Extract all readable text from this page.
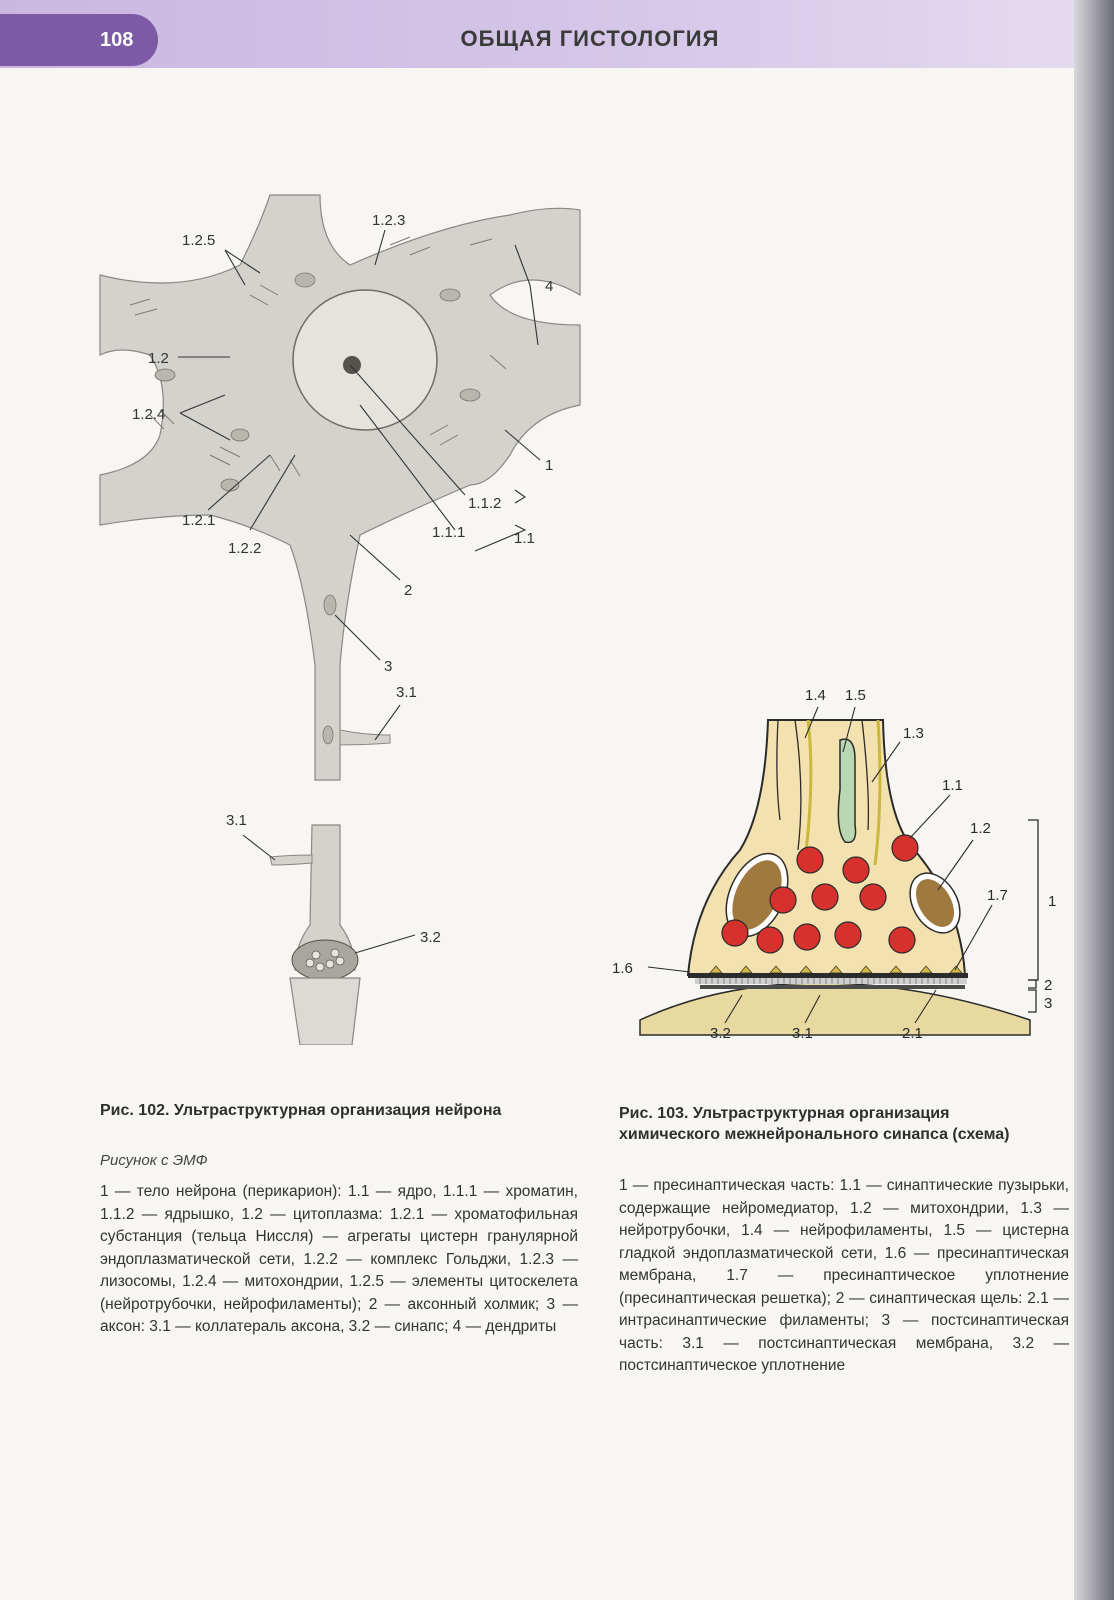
108	ОБЩАЯ ГИСТОЛОГИЯ
1.2.5
1.2.3
4
1.2
1.2.4
1
1.2.1
1.2.2
1.1.2
1.1.1	1.1
2
3
3.1
3.1
3.2
1.4 1.5
1.3
1.1
1.2
1.7
1.6
3.2	3.1	2.1
1
2
3
Рис. 102. Ультраструктурная организация нейрона
Рисунок с ЭМФ
1 — тело нейрона (перикарион): 1.1 — ядро, 1.1.1 — хроматин, 1.1.2 — ядрышко, 1.2 — цитоплазма: 1.2.1 — хроматофильная субстанция (тельца Ниссля) — агрегаты цистерн гранулярной эндоплазматической сети, 1.2.2 — комплекс Гольджи, 1.2.3 — лизосомы, 1.2.4 — митохондрии, 1.2.5 — элементы цитоскелета (нейротрубочки, нейрофиламенты); 2 — аксонный холмик; 3 — аксон: 3.1 — коллатераль аксона, 3.2 — синапс; 4 — дендриты
Рис. 103. Ультраструктурная организация химического межнейронального синапса (схема)
1 — пресинаптическая часть: 1.1 — синаптические пузырьки, содержащие нейромедиатор, 1.2 — митохондрии, 1.3 — нейротрубочки, 1.4 — нейрофиламенты, 1.5 — цистерна гладкой эндоплазматической сети, 1.6 — пресинаптическая мембрана, 1.7 — пресинаптическое уплотнение (пресинаптическая решетка); 2 — синаптическая щель: 2.1 — интрасинаптические филаменты; 3 — постсинаптическая часть: 3.1 — постсинаптическая мембрана, 3.2 — постсинаптическое уплотнение
